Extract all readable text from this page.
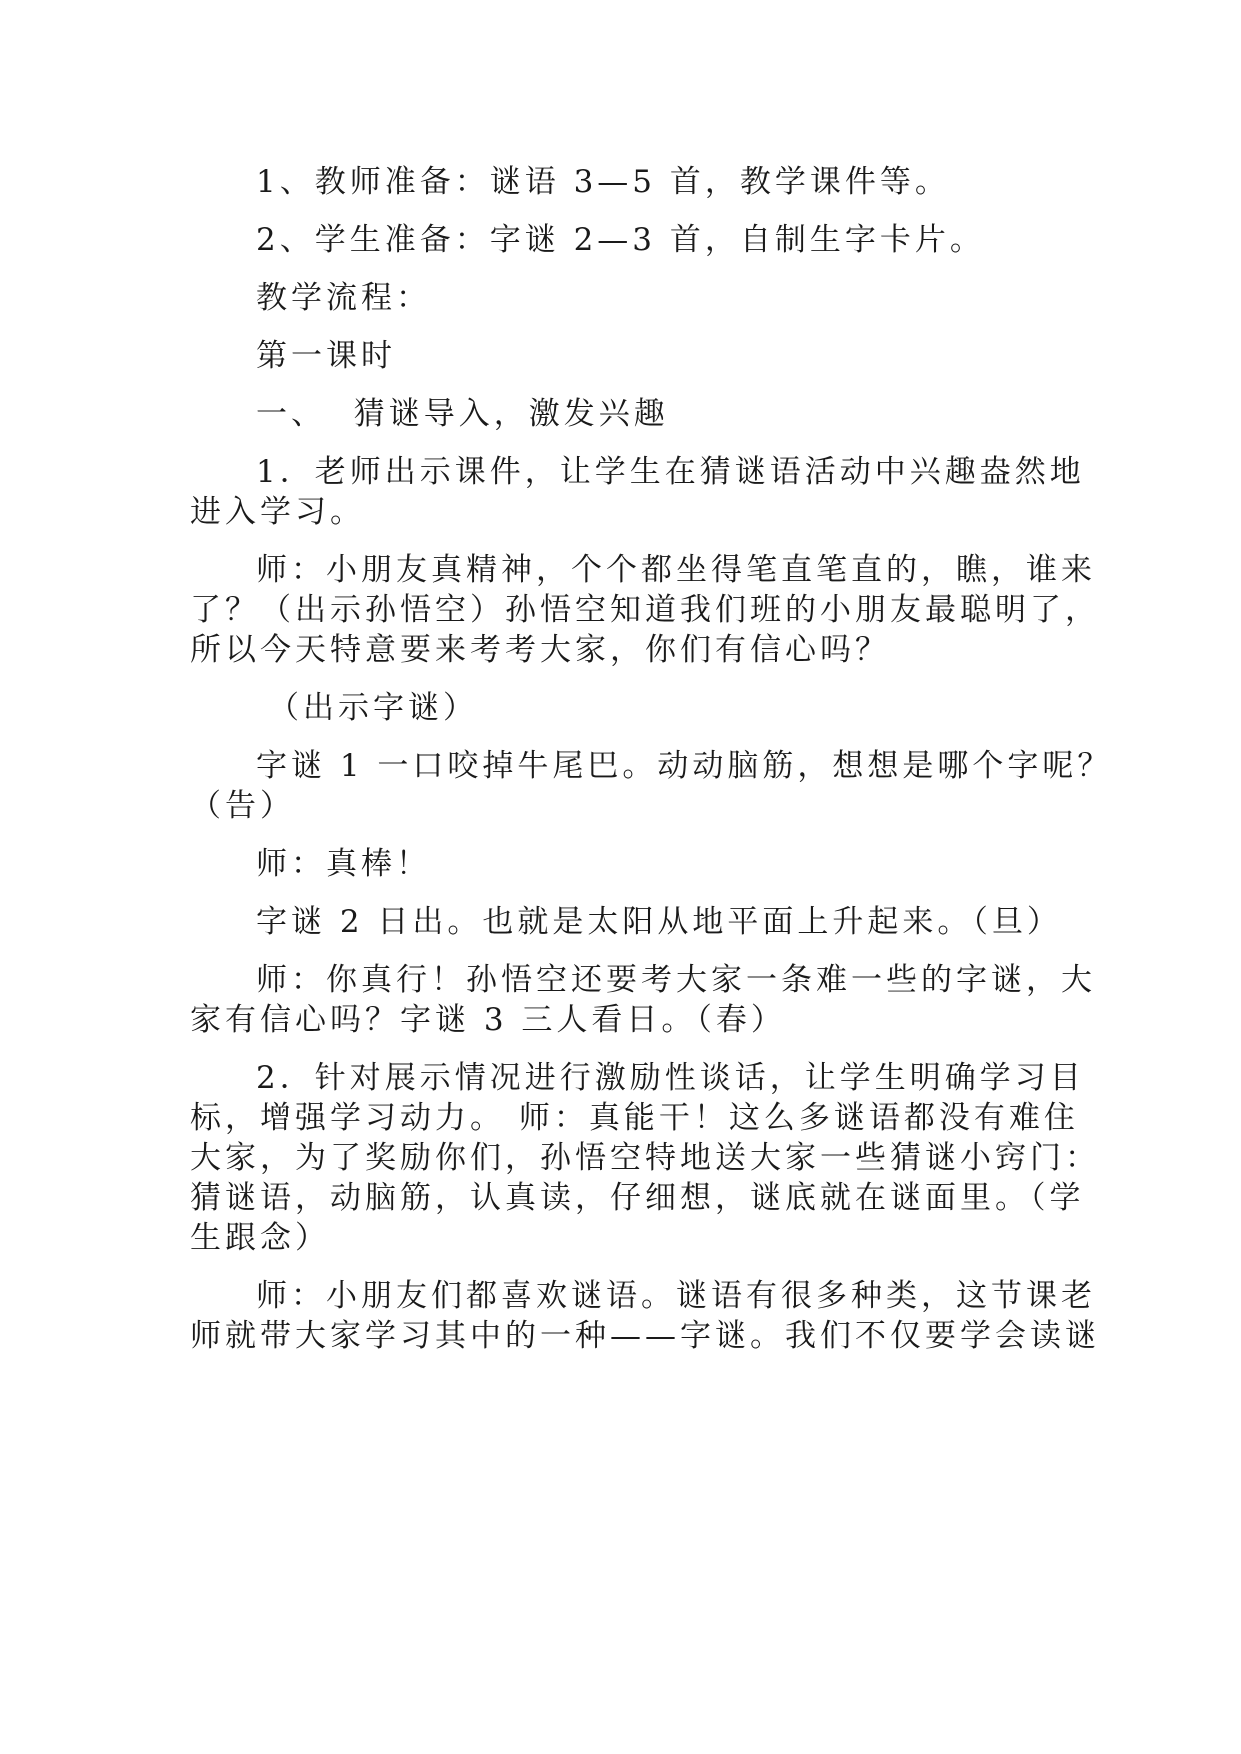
1、教师准备：谜语 3—5 首，教学课件等。

2、学生准备：字谜 2—3 首，自制生字卡片。

教学流程：

第一课时

一、  猜谜导入，激发兴趣

1．老师出示课件，让学生在猜谜语活动中兴趣盎然地
进入学习。

师：小朋友真精神，个个都坐得笔直笔直的，瞧，谁来
了？（出示孙悟空）孙悟空知道我们班的小朋友最聪明了，
所以今天特意要来考考大家，你们有信心吗？

（出示字谜）

字谜 1 一口咬掉牛尾巴。动动脑筋，想想是哪个字呢？
（告）

师：真棒！

字谜 2 日出。也就是太阳从地平面上升起来。（旦）

师：你真行！孙悟空还要考大家一条难一些的字谜，大
家有信心吗？字谜 3 三人看日。（春）

2．针对展示情况进行激励性谈话，让学生明确学习目
标，增强学习动力。 师：真能干！这么多谜语都没有难住
大家，为了奖励你们，孙悟空特地送大家一些猜谜小窍门：
猜谜语，动脑筋，认真读，仔细想，谜底就在谜面里。（学
生跟念）

师：小朋友们都喜欢谜语。谜语有很多种类，这节课老
师就带大家学习其中的一种——字谜。我们不仅要学会读谜
